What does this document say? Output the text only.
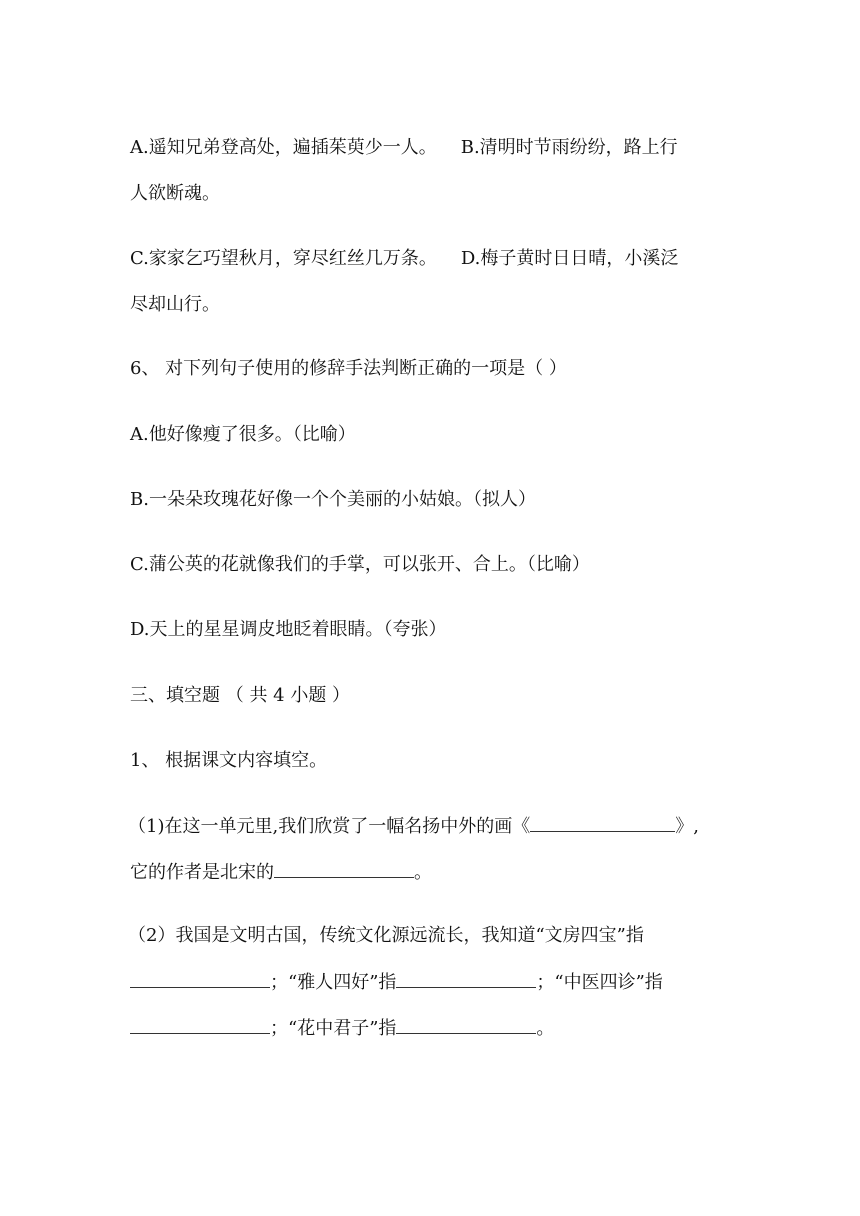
A.遥知兄弟登高处，遍插茱萸少一人。 B.清明时节雨纷纷，路上行
人欲断魂。
C.家家乞巧望秋月，穿尽红丝几万条。 D.梅子黄时日日晴，小溪泛
尽却山行。
6、 对下列句子使用的修辞手法判断正确的一项是（ ）
A.他好像瘦了很多。（比喻）
B.一朵朵玫瑰花好像一个个美丽的小姑娘。（拟人）
C.蒲公英的花就像我们的手掌，可以张开、合上。（比喻）
D.天上的星星调皮地眨着眼睛。（夸张）
三、填空题 （ 共 4 小题 ）
1、 根据课文内容填空。
（1)在这一单元里,我们欣赏了一幅名扬中外的画《	》,
它的作者是北宋的	。
（2）我国是文明古国，传统文化源远流长，我知道“文房四宝”指
；“雅人四好”指	；“中医四诊”指
；“花中君子”指	。
